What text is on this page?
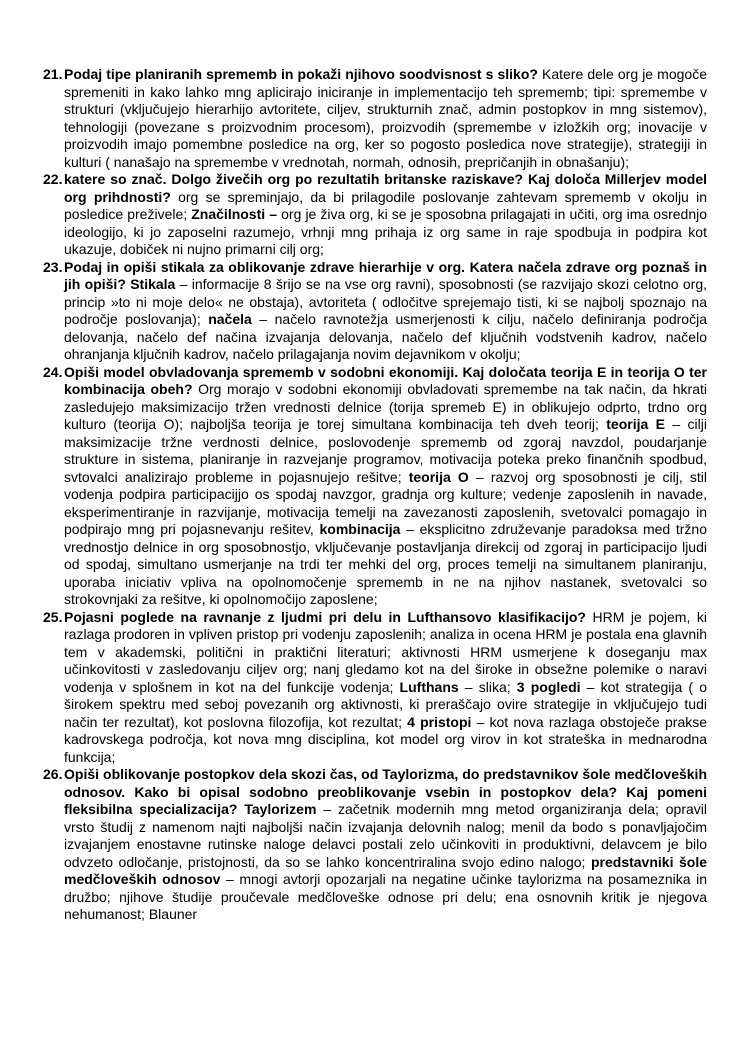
21. Podaj tipe planiranih sprememb in pokaži njihovo soodvisnost s sliko? Katere dele org je mogoče spremeniti in kako lahko mng aplicirajo iniciranje in implementacijo teh sprememb; tipi: spremembe v strukturi (vključujejo hierarhijo avtoritete, ciljev, strukturnih znač, admin postopkov in mng sistemov), tehnologiji (povezane s proizvodnim procesom), proizvodih (spremembe v izložkih org; inovacije v proizvodih imajo pomembne posledice na org, ker so pogosto posledica nove strategije), strategiji in kulturi ( nanašajo na spremembe v vrednotah, normah, odnosih, prepričanjih in obnašanju);
22. katere so znač. Dolgo živečih org po rezultatih britanske raziskave? Kaj določa Millerjev model org prihdnosti? org se spreminjajo, da bi prilagodile poslovanje zahtevam sprememb v okolju in posledice preživele; Značilnosti – org je živa org, ki se je sposobna prilagajati in učiti, org ima osrednjo ideologijo, ki jo zaposelni razumejo, vrhnji mng prihaja iz org same in raje spodbuja in podpira kot ukazuje, dobiček ni nujno primarni cilj org;
23. Podaj in opiši stikala za oblikovanje zdrave hierarhije v org. Katera načela zdrave org poznaš in jih opiši? Stikala – informacije 8 šrijo se na vse org ravni), sposobnosti (se razvijajo skozi celotno org, princip »to ni moje delo« ne obstaja), avtoriteta ( odločitve sprejemajo tisti, ki se najbolj spoznajo na področje poslovanja); načela – načelo ravnotežja usmerjenosti k cilju, načelo definiranja področja delovanja, načelo def načina izvajanja delovanja, načelo def ključnih vodstvenih kadrov, načelo ohranjanja ključnih kadrov, načelo prilagajanja novim dejavnikom v okolju;
24. Opiši model obvladovanja sprememb v sodobni ekonomiji. Kaj določata teorija E in teorija O ter kombinacija obeh? Org morajo v sodobni ekonomiji obvladovati spremembe na tak način, da hkrati zasledujejo maksimizacijo tržen vrednosti delnice (torija spremeb E) in oblikujejo odprto, trdno org kulturo (teorija O); najboljša teorija je torej simultana kombinacija teh dveh teorij; teorija E – cilji maksimizacije tržne verdnosti delnice, poslovodenje sprememb od zgoraj navzdol, poudarjanje strukture in sistema, planiranje in razvejanje programov, motivacija poteka preko finančnih spodbud, svtovalci analizirajo probleme in pojasnujejo rešitve; teorija O – razvoj org sposobnosti je cilj, stil vodenja podpira participacijjo os spodaj navzgor, gradnja org kulture; vedenje zaposlenih in navade, eksperimentiranje in razvijanje, motivacija temelji na zavezanosti zaposlenih, svetovalci pomagajo in podpirajo mng pri pojasnevanju rešitev, kombinacija – eksplicitno združevanje paradoksa med tržno vrednostjo delnice in org sposobnostjo, vključevanje postavljanja direkcij od zgoraj in participacijo ljudi od spodaj, simultano usmerjanje na trdi ter mehki del org, proces temelji na simultanem planiranju, uporaba iniciativ vpliva na opolnomočenje sprememb in ne na njihov nastanek, svetovalci so strokovnjaki za rešitve, ki opolnomočijo zaposlene;
25. Pojasni poglede na ravnanje z ljudmi pri delu in Lufthansovo klasifikacijo? HRM je pojem, ki razlaga prodoren in vpliven pristop pri vodenju zaposlenih; analiza in ocena HRM je postala ena glavnih tem v akademski, politični in praktični literaturi; aktivnosti HRM usmerjene k doseganju max učinkovitosti v zasledovanju ciljev org; nanj gledamo kot na del široke in obsežne polemike o naravi vodenja v splošnem in kot na del funkcije vodenja; Lufthans – slika; 3 pogledi – kot strategija ( o širokem spektru med seboj povezanih org aktivnosti, ki preraščajo ovire strategije in vključujejo tudi način ter rezultat), kot poslovna filozofija, kot rezultat; 4 pristopi – kot nova razlaga obstoječe prakse kadrovskega področja, kot nova mng disciplina, kot model org virov in kot strateška in mednarodna funkcija;
26. Opiši oblikovanje postopkov dela skozi čas, od Taylorizma, do predstavnikov šole medčloveških odnosov. Kako bi opisal sodobno preoblikovanje vsebin in postopkov dela? Kaj pomeni fleksibilna specializacija? Taylorizem – začetnik modernih mng metod organiziranja dela; opravil vrsto študij z namenom najti najboljši način izvajanja delovnih nalog; menil da bodo s ponavljajočim izvajanjem enostavne rutinske naloge delavci postali zelo učinkoviti in produktivni, delavcem je bilo odvzeto odločanje, pristojnosti, da so se lahko koncentriralina svojo edino nalogo; predstavniki šole medčloveških odnosov – mnogi avtorji opozarjali na negatine učinke taylorizma na posameznika in družbo; njihove študije proučevale medčloveške odnose pri delu; ena osnovnih kritik je njegova nehumanost; Blauner
